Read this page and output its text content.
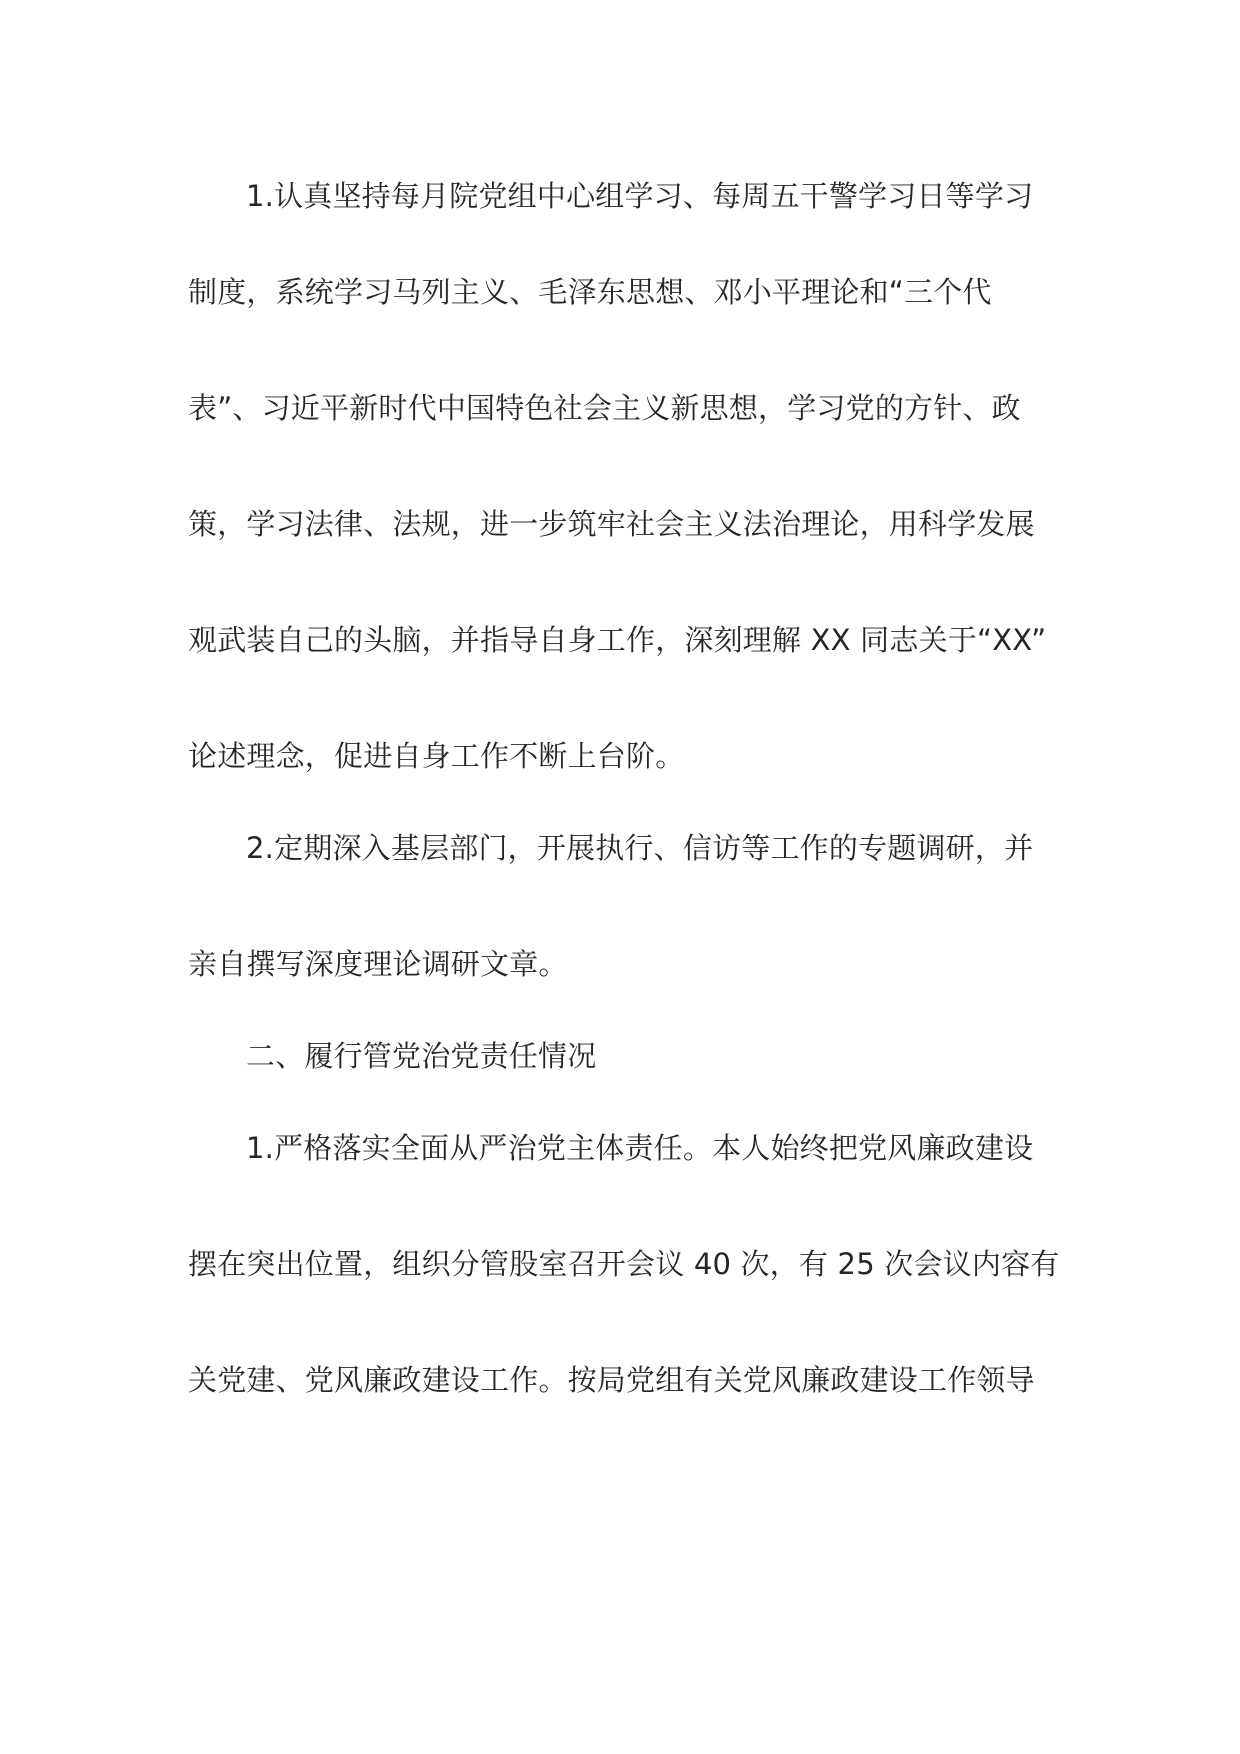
1.认真坚持每月院党组中心组学习、每周五干警学习日等学习

制度，系统学习马列主义、毛泽东思想、邓小平理论和“三个代

表”、习近平新时代中国特色社会主义新思想，学习党的方针、政

策，学习法律、法规，进一步筑牢社会主义法治理论，用科学发展

观武装自己的头脑，并指导自身工作，深刻理解 XX 同志关于“XX”

论述理念，促进自身工作不断上台阶。

2.定期深入基层部门，开展执行、信访等工作的专题调研，并

亲自撰写深度理论调研文章。

二、履行管党治党责任情况

1.严格落实全面从严治党主体责任。本人始终把党风廉政建设

摆在突出位置，组织分管股室召开会议 40 次，有 25 次会议内容有

关党建、党风廉政建设工作。按局党组有关党风廉政建设工作领导
